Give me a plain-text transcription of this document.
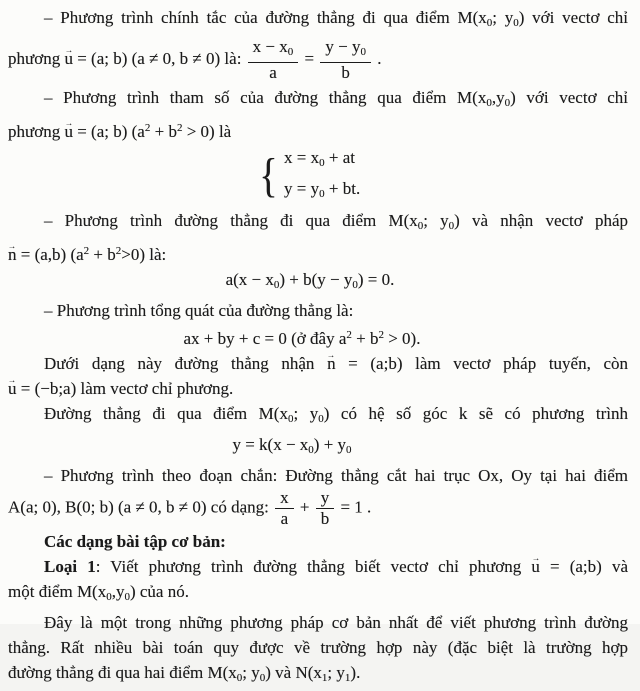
– Phương trình chính tắc của đường thẳng đi qua điểm M(x0; y0) với vectơ chỉ
phương u → = (a; b) (a ≠ 0, b ≠ 0) là: $\frac{x - x0}{a} = \frac{y - y0}{b}$ .
– Phương trình tham số của đường thẳng qua điểm M(x0,y0) với vectơ chỉ
phương u → = (a; b) $(a^2 + b^2 > 0)$ là
{ x = x0 + at
y = y0 + bt.
– Phương trình đường thẳng đi qua điểm M(x0; y0) và nhận vectơ pháp
n → = (a,b) $(a^2 + b^2>0)$ là:
a(x − x0) + b(y − y0) = 0.
– Phương trình tổng quát của đường thẳng là:
ax + by + c = 0 (ở đây $a^2 + b^2 > 0$).
Dưới dạng này đường thẳng nhận n → = (a;b) làm vectơ pháp tuyến, còn
u → = (−b;a) làm vectơ chỉ phương.
Đường thẳng đi qua điểm M(x0; y0) có hệ số góc k sẽ có phương trình
y = k(x − x0) + y0
– Phương trình theo đoạn chắn: Đường thẳng cắt hai trục Ox, Oy tại hai điểm
A(a; 0), B(0; b) (a ≠ 0, b ≠ 0) có dạng: $\frac{x}{a} + \frac{y}{b} = 1$ .
Các dạng bài tập cơ bản:
Loại 1: Viết phương trình đường thẳng biết vectơ chỉ phương u → = (a;b) và
một điểm M(x0,y0) của nó.
Đây là một trong những phương pháp cơ bản nhất để viết phương trình đường
thẳng. Rất nhiều bài toán quy được về trường hợp này (đặc biệt là trường hợp
đường thẳng đi qua hai điểm M(x0; y0) và N(x1; y1).
